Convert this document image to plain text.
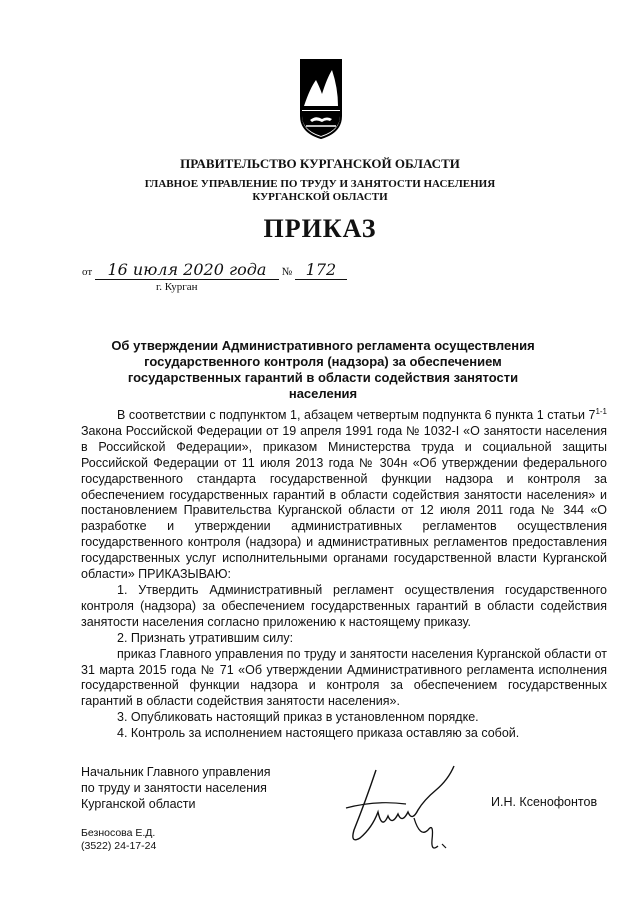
ПРАВИТЕЛЬСТВО КУРГАНСКОЙ ОБЛАСТИ
ГЛАВНОЕ УПРАВЛЕНИЕ ПО ТРУДУ И ЗАНЯТОСТИ НАСЕЛЕНИЯ
КУРГАНСКОЙ ОБЛАСТИ
ПРИКАЗ
от 16 июля 2020 года № 172
г. Курган
Об утверждении Административного регламента осуществления государственного контроля (надзора) за обеспечением государственных гарантий в области содействия занятости населения

В соответствии с подпунктом 1, абзацем четвертым подпункта 6 пункта 1 статьи 7$^{1-1}$ Закона Российской Федерации от 19 апреля 1991 года № 1032-I «О занятости населения в Российской Федерации», приказом Министерства труда и социальной защиты Российской Федерации от 11 июля 2013 года № 304н «Об утверждении федерального государственного стандарта государственной функции надзора и контроля за обеспечением государственных гарантий в области содействия занятости населения» и постановлением Правительства Курганской области от 12 июля 2011 года № 344 «О разработке и утверждении административных регламентов осуществления государственного контроля (надзора) и административных регламентов предоставления государственных услуг исполнительными органами государственной власти Курганской области» ПРИКАЗЫВАЮ:

1. Утвердить Административный регламент осуществления государственного контроля (надзора) за обеспечением государственных гарантий в области содействия занятости населения согласно приложению к настоящему приказу.

2. Признать утратившим силу:

приказ Главного управления по труду и занятости населения Курганской области от 31 марта 2015 года № 71 «Об утверждении Административного регламента исполнения государственной функции надзора и контроля за обеспечением государственных гарантий в области содействия занятости населения».

3. Опубликовать настоящий приказ в установленном порядке.

4. Контроль за исполнением настоящего приказа оставляю за собой.

Начальник Главного управления
по труду и занятости населения
Курганской области	И.Н. Ксенофонтов
Безносова Е.Д.
(3522) 24-17-24
